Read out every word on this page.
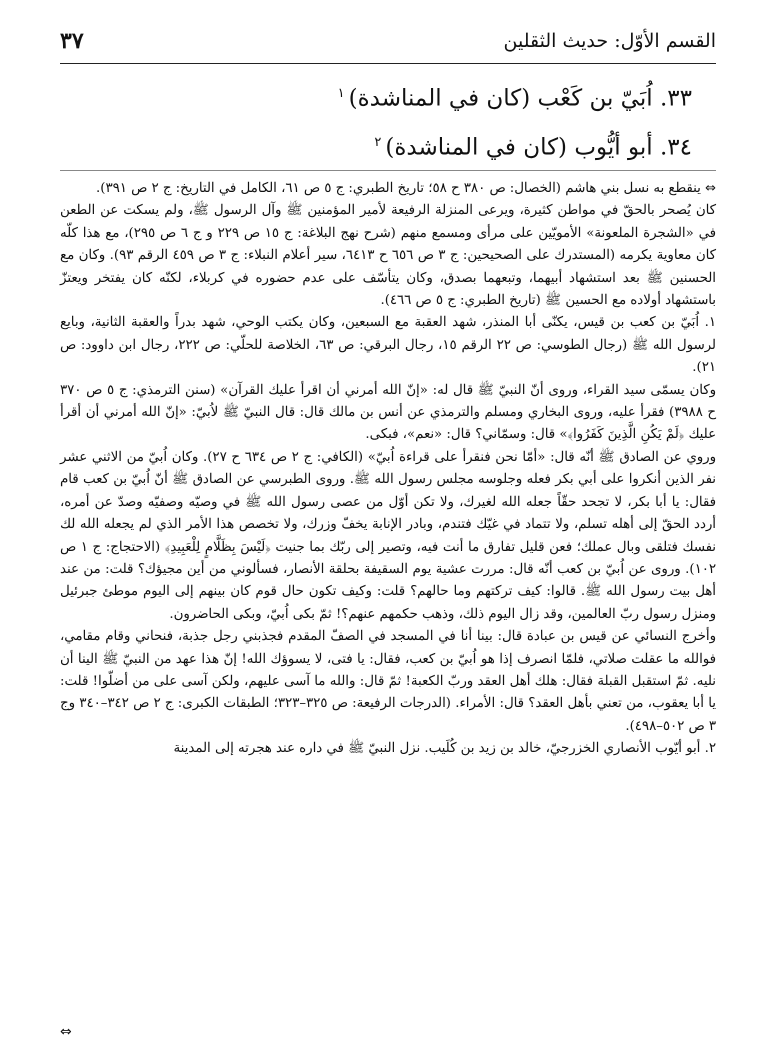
القسم الأوّل: حديث الثقلين
٣٧
٣٣. اُبَيّ بن كَعْب (كان في المناشدة)$^١$
٣٤. أبو أيُّوب (كان في المناشدة)$^٢$

⇔ ينقطع به نسل بني هاشم (الخصال: ص ٣٨٠ ح ٥٨؛ تاريخ الطبري: ج ٥ ص ٦١، الكامل في التاريخ: ج ٢ ص ٣٩١).

كان يُصحر بالحقّ في مواطن كثيرة، ويرعى المنزلة الرفيعة لأمير المؤمنين ﷺ وآل الرسول ﷺ، ولم يسكت عن الطعن في «الشجرة الملعونة» الأمويّين على مرأى ومسمع منهم (شرح نهج البلاغة: ج ١٥ ص ٢٢٩ و ج ٦ ص ٢٩٥)، مع هذا كلّه كان معاوية يكرمه (المستدرك على الصحيحين: ج ٣ ص ٦٥٦ ح ٦٤١٣، سير أعلام النبلاء: ج ٣ ص ٤٥٩ الرقم ٩٣). وكان مع الحسنين ﷺ بعد استشهاد أبيهما، وتبعهما بصدق، وكان يتأسّف على عدم حضوره في كربلاء، لكنّه كان يفتخر ويعتزّ باستشهاد أولاده مع الحسين ﷺ (تاريخ الطبري: ج ٥ ص ٤٦٦).

١. اُبَيّ بن كعب بن قيس، يكنّى أبا المنذر، شهد العقبة مع السبعين، وكان يكتب الوحي، شهد بدراً والعقبة الثانية، وبايع لرسول الله ﷺ (رجال الطوسي: ص ٢٢ الرقم ١٥، رجال البرقي: ص ٦٣، الخلاصة للحلّي: ص ٢٢٢، رجال ابن داوود: ص ٢١).

وكان يسمّى سيد القراء، وروى أنّ النبيّ ﷺ قال له: «إنّ الله أمرني أن اقرأ عليك القرآن» (سنن الترمذي: ج ٥ ص ٣٧٠ ح ٣٩٨٨) فقرأ عليه، وروى البخاري ومسلم والترمذي عن أنس بن مالك قال: قال النبيّ ﷺ لاُبيّ: «إنّ الله أمرني أن أقرأ عليك ﴿لَمْ يَكُنِ الَّذِينَ كَفَرُوا﴾» قال: وسمّاني؟ قال: «نعم»، فبكى.

وروي عن الصادق ﷺ أنّه قال: «أمّا نحن فنقرأ على قراءة اُبيّ» (الكافي: ج ٢ ص ٦٣٤ ح ٢٧). وكان اُبيّ من الاثني عشر نفر الذين أنكروا على أبي بكر فعله وجلوسه مجلس رسول الله ﷺ. وروى الطبرسي عن الصادق ﷺ أنّ اُبيّ بن كعب قام فقال: يا أبا بكر، لا تجحد حقّاً جعله الله لغيرك، ولا تكن أوّل من عصى رسول الله ﷺ في وصيّه وصفيّه وصدّ عن أمره، أردد الحقّ إلى أهله تسلم، ولا تتماد في غيّك فتندم، وبادر الإنابة يخفّ وزرك، ولا تخصص هذا الأمر الذي لم يجعله الله لك نفسك فتلقى وبال عملك؛ فعن قليل تفارق ما أنت فيه، وتصير إلى ربّك بما جنيت ﴿لَيْسَ بِظَلَّامٍ لِلْعَبِيدِ﴾ (الاحتجاج: ج ١ ص ١٠٢). وروى عن اُبيّ بن كعب أنّه قال: مررت عشية يوم السقيفة بحلقة الأنصار، فسألوني من أين مجيؤك؟ قلت: من عند أهل بيت رسول الله ﷺ. قالوا: كيف تركتهم وما حالهم؟ قلت: وكيف تكون حال قوم كان بينهم إلى اليوم موطئ جبرئيل ومنزل رسول ربّ العالمين، وقد زال اليوم ذلك، وذهب حكمهم عنهم؟! ثمّ بكى اُبيّ، وبكى الحاضرون.

وأخرج النسائي عن قيس بن عبادة قال: بينا أنا في المسجد في الصفّ المقدم فجذبني رجل جذبة، فنحاني وقام مقامي، فوالله ما عقلت صلاتي، فلمّا انصرف إذا هو اُبيّ بن كعب، فقال: يا فتى، لا يسوؤك الله! إنّ هذا عهد من النبيّ ﷺ الينا أن نليه. ثمّ استقبل القبلة فقال: هلك أهل العقد وربّ الكعبة! ثمّ قال: والله ما آسى عليهم، ولكن آسى على من أضلّوا! قلت: يا أبا يعقوب، من تعني بأهل العقد؟ قال: الأمراء. (الدرجات الرفيعة: ص ٣٢٥–٣٢٣؛ الطبقات الكبرى: ج ٢ ص ٣٤٢–٣٤٠ وج ٣ ص ٥٠٢–٤٩٨).

٢. أبو أيّوب الأنصاري الخزرجيّ، خالد بن زيد بن كُلَيب. نزل النبيّ ﷺ في داره عند هجرته إلى المدينة

⇔
